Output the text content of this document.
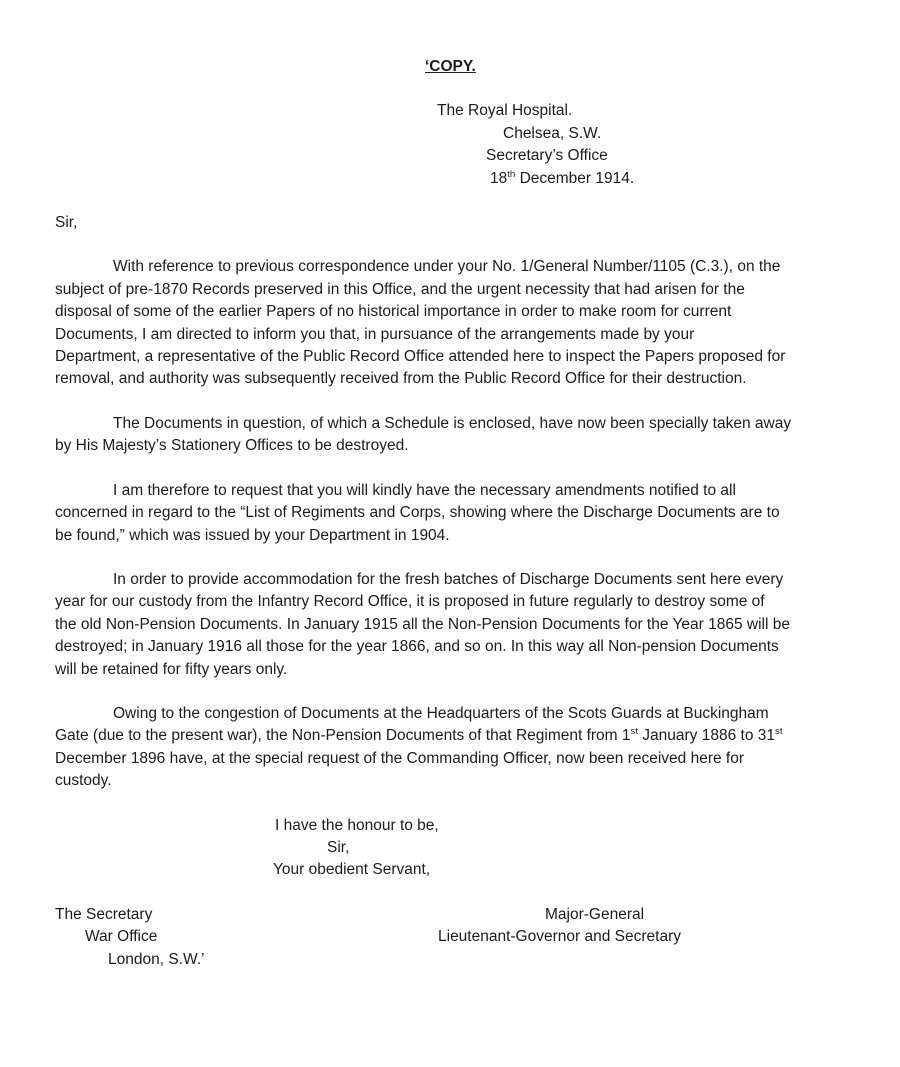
‘COPY.
The Royal Hospital.
Chelsea, S.W.
Secretary’s Office
18th December 1914.
Sir,
With reference to previous correspondence under your No. 1/General Number/1105 (C.3.), on the
subject of pre-1870 Records preserved in this Office, and the urgent necessity that had arisen for the
disposal of some of the earlier Papers of no historical importance in order to make room for current
Documents, I am directed to inform you that, in pursuance of the arrangements made by your
Department, a representative of the Public Record Office attended here to inspect the Papers proposed for
removal, and authority was subsequently received from the Public Record Office for their destruction.
The Documents in question, of which a Schedule is enclosed, have now been specially taken away
by His Majesty’s Stationery Offices to be destroyed.
I am therefore to request that you will kindly have the necessary amendments notified to all
concerned in regard to the “List of Regiments and Corps, showing where the Discharge Documents are to
be found,” which was issued by your Department in 1904.
In order to provide accommodation for the fresh batches of Discharge Documents sent here every
year for our custody from the Infantry Record Office, it is proposed in future regularly to destroy some of
the old Non-Pension Documents. In January 1915 all the Non-Pension Documents for the Year 1865 will be
destroyed; in January 1916 all those for the year 1866, and so on. In this way all Non-pension Documents
will be retained for fifty years only.
Owing to the congestion of Documents at the Headquarters of the Scots Guards at Buckingham
Gate (due to the present war), the Non-Pension Documents of that Regiment from 1st January 1886 to 31st
December 1896 have, at the special request of the Commanding Officer, now been received here for
custody.
I have the honour to be,
Sir,
Your obedient Servant,
The Secretary
War Office
London, S.W.’
Major-General
Lieutenant-Governor and Secretary
